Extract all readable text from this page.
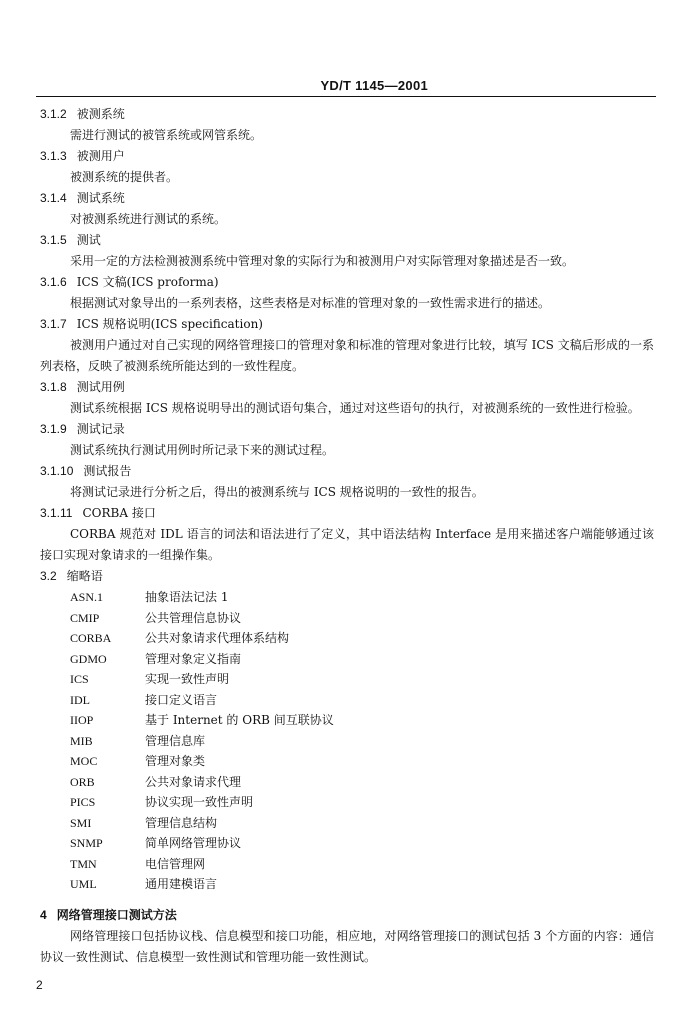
YD/T 1145—2001
3.1.2 被测系统

需进行测试的被管系统或网管系统。

3.1.3 被测用户

被测系统的提供者。

3.1.4 测试系统

对被测系统进行测试的系统。

3.1.5 测试

采用一定的方法检测被测系统中管理对象的实际行为和被测用户对实际管理对象描述是否一致。

3.1.6 ICS 文稿(ICS proforma)

根据测试对象导出的一系列表格，这些表格是对标准的管理对象的一致性需求进行的描述。

3.1.7 ICS 规格说明(ICS specification)

被测用户通过对自己实现的网络管理接口的管理对象和标准的管理对象进行比较，填写 ICS 文稿后形成的一系列表格，反映了被测系统所能达到的一致性程度。

3.1.8 测试用例

测试系统根据 ICS 规格说明导出的测试语句集合，通过对这些语句的执行，对被测系统的一致性进行检验。

3.1.9 测试记录

测试系统执行测试用例时所记录下来的测试过程。

3.1.10 测试报告

将测试记录进行分析之后，得出的被测系统与 ICS 规格说明的一致性的报告。

3.1.11 CORBA 接口

CORBA 规范对 IDL 语言的词法和语法进行了定义，其中语法结构 Interface 是用来描述客户端能够通过该接口实现对象请求的一组操作集。

3.2 缩略语
ASN.1	抽象语法记法 1
CMIP	公共管理信息协议
CORBA	公共对象请求代理体系结构
GDMO	管理对象定义指南
ICS	实现一致性声明
IDL	接口定义语言
IIOP	基于 Internet 的 ORB 间互联协议
MIB	管理信息库
MOC	管理对象类
ORB	公共对象请求代理
PICS	协议实现一致性声明
SMI	管理信息结构
SNMP	简单网络管理协议
TMN	电信管理网
UML	通用建模语言
4 网络管理接口测试方法

网络管理接口包括协议栈、信息模型和接口功能，相应地，对网络管理接口的测试包括 3 个方面的内容：通信协议一致性测试、信息模型一致性测试和管理功能一致性测试。

2
